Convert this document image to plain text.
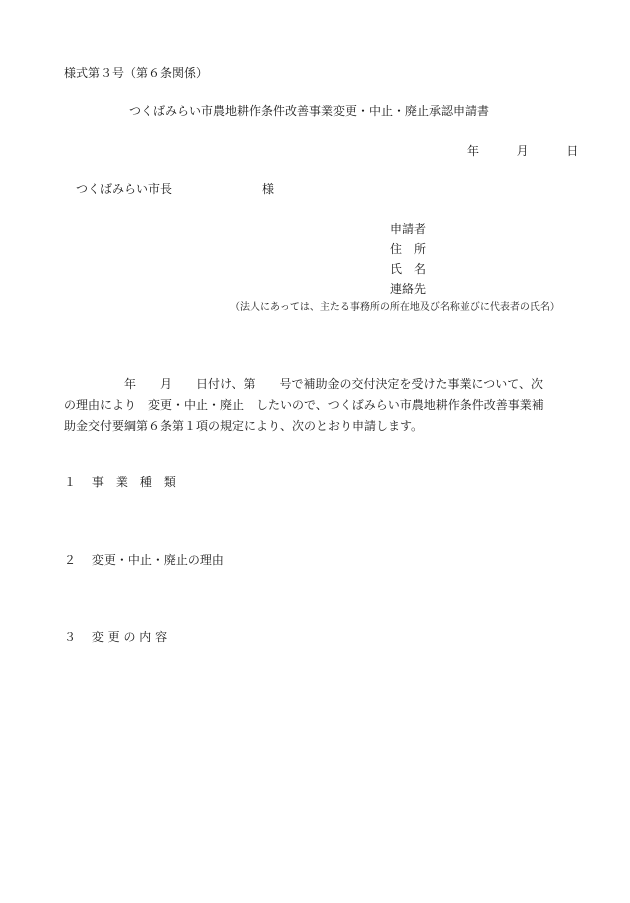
様式第３号（第６条関係）
つくばみらい市農地耕作条件改善事業変更・中止・廃止承認申請書
年	月	日
つくばみらい市長	様
申請者
住　所
氏　名
連絡先
（法人にあっては、主たる事務所の所在地及び名称並びに代表者の氏名）
　　　　　年　　月　　日付け、第　　号で補助金の交付決定を受けた事業について、次
の理由により　変更・中止・廃止　したいので、つくばみらい市農地耕作条件改善事業補
助金交付要綱第６条第１項の規定により、次のとおり申請します。
１　 事　業　種　類
２　 変更・中止・廃止の理由
３　 変 更 の 内 容
